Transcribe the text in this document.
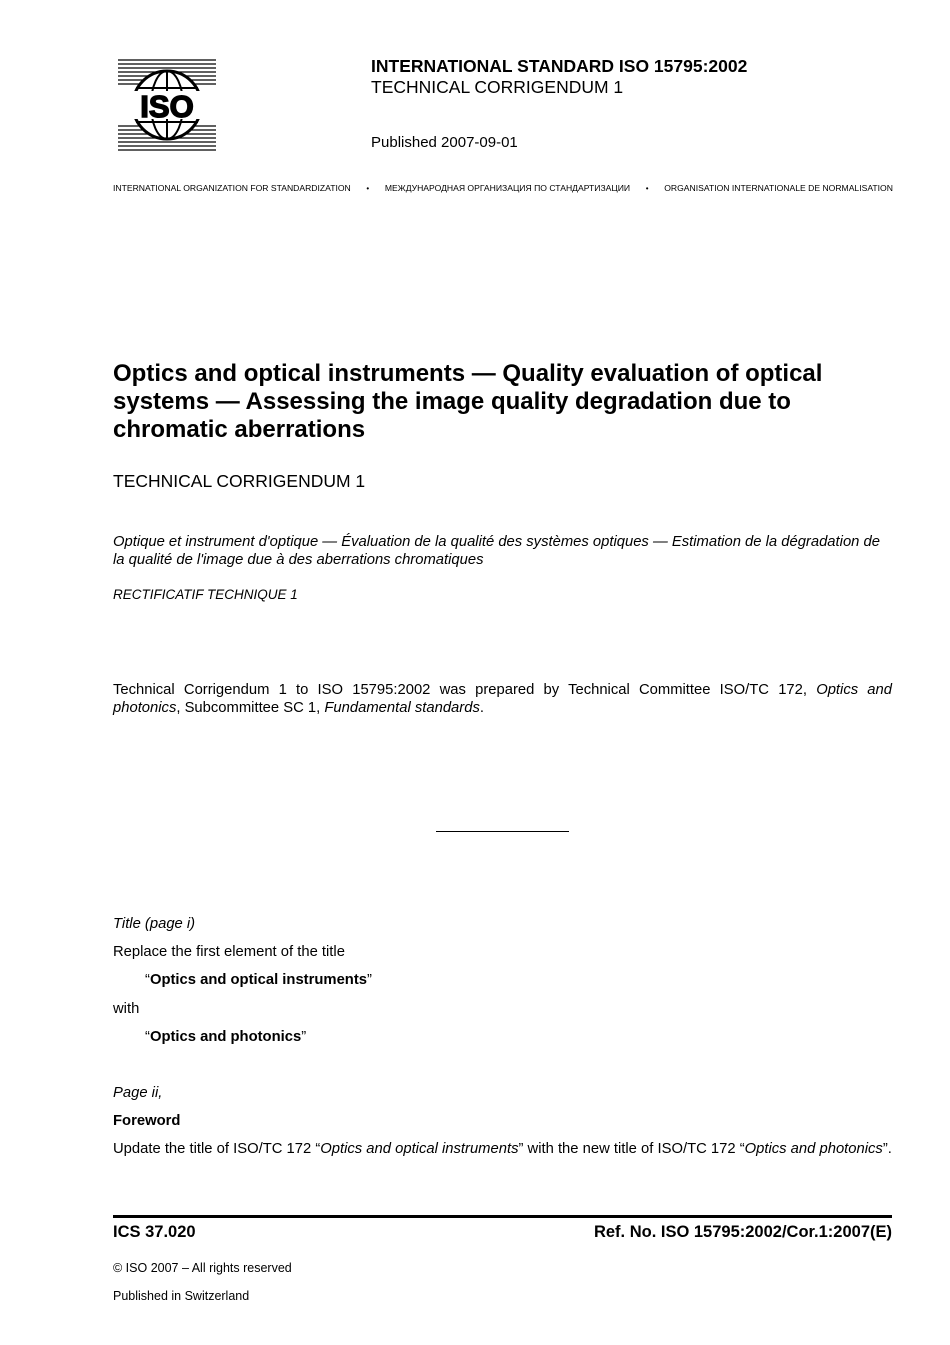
ISO
INTERNATIONAL STANDARD ISO 15795:2002
TECHNICAL CORRIGENDUM 1
Published 2007-09-01
INTERNATIONAL ORGANIZATION FOR STANDARDIZATION • МЕЖДУНАРОДНАЯ ОРГАНИЗАЦИЯ ПО СТАНДАРТИЗАЦИИ • ORGANISATION INTERNATIONALE DE NORMALISATION
Optics and optical instruments — Quality evaluation of optical systems — Assessing the image quality degradation due to chromatic aberrations
TECHNICAL CORRIGENDUM 1
Optique et instrument d'optique — Évaluation de la qualité des systèmes optiques — Estimation de la dégradation de la qualité de l'image due à des aberrations chromatiques
RECTIFICATIF TECHNIQUE 1
Technical Corrigendum 1 to ISO 15795:2002 was prepared by Technical Committee ISO/TC 172, Optics and photonics, Subcommittee SC 1, Fundamental standards.
Title (page i)
Replace the first element of the title
“Optics and optical instruments”
with
“Optics and photonics”
Page ii,
Foreword
Update the title of ISO/TC 172 “Optics and optical instruments” with the new title of ISO/TC 172 “Optics and photonics”.
ICS 37.020	Ref. No. ISO 15795:2002/Cor.1:2007(E)
© ISO 2007 – All rights reserved
Published in Switzerland
